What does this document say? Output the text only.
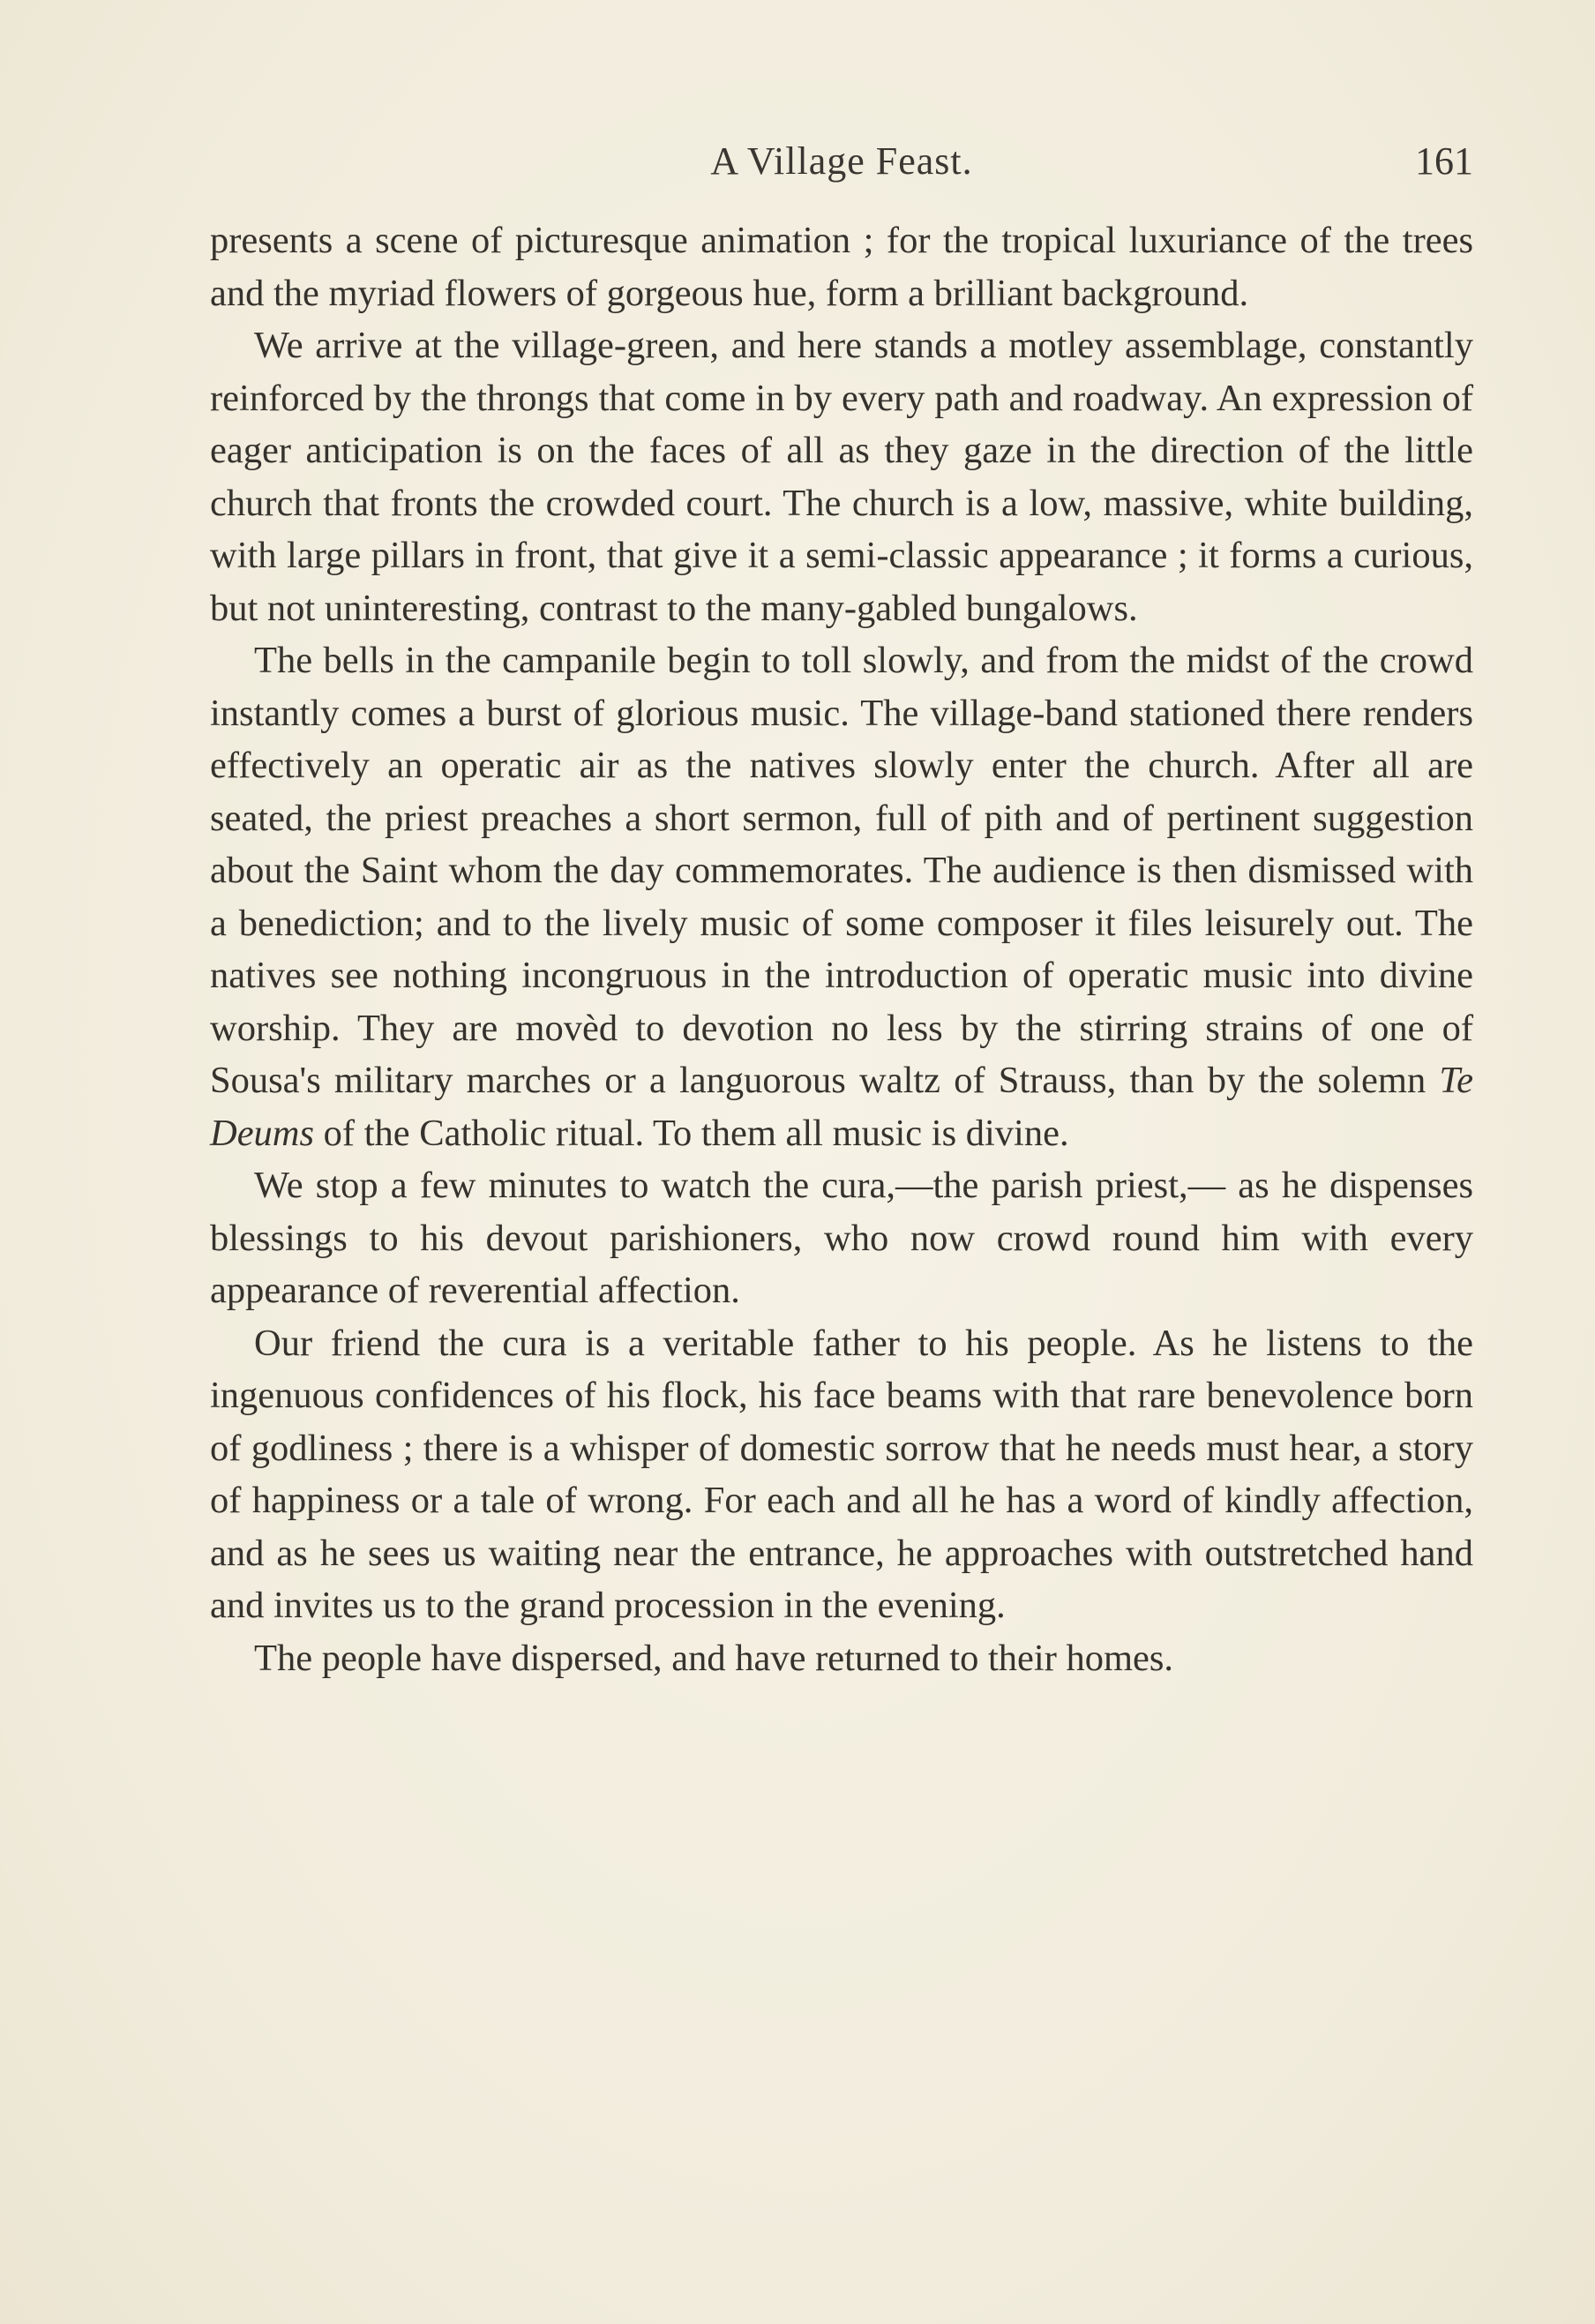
A Village Feast.	161

presents a scene of picturesque animation ; for the tropical luxuriance of the trees and the myriad flowers of gorgeous hue, form a brilliant background.

We arrive at the village-green, and here stands a motley assemblage, constantly reinforced by the throngs that come in by every path and roadway. An expression of eager anticipation is on the faces of all as they gaze in the direction of the little church that fronts the crowded court. The church is a low, massive, white building, with large pillars in front, that give it a semi-classic appearance ; it forms a curious, but not uninteresting, contrast to the many-gabled bungalows.

The bells in the campanile begin to toll slowly, and from the midst of the crowd instantly comes a burst of glorious music. The village-band stationed there renders effectively an operatic air as the natives slowly enter the church. After all are seated, the priest preaches a short sermon, full of pith and of pertinent suggestion about the Saint whom the day commemorates. The audience is then dismissed with a benediction; and to the lively music of some composer it files leisurely out. The natives see nothing incongruous in the introduction of operatic music into divine worship. They are movèd to devotion no less by the stirring strains of one of Sousa's military marches or a languorous waltz of Strauss, than by the solemn Te Deums of the Catholic ritual. To them all music is divine.

We stop a few minutes to watch the cura,—the parish priest,— as he dispenses blessings to his devout parishioners, who now crowd round him with every appearance of reverential affection.

Our friend the cura is a veritable father to his people. As he listens to the ingenuous confidences of his flock, his face beams with that rare benevolence born of godliness ; there is a whisper of domestic sorrow that he needs must hear, a story of happiness or a tale of wrong. For each and all he has a word of kindly affection, and as he sees us waiting near the entrance, he approaches with outstretched hand and invites us to the grand procession in the evening.

The people have dispersed, and have returned to their homes.
